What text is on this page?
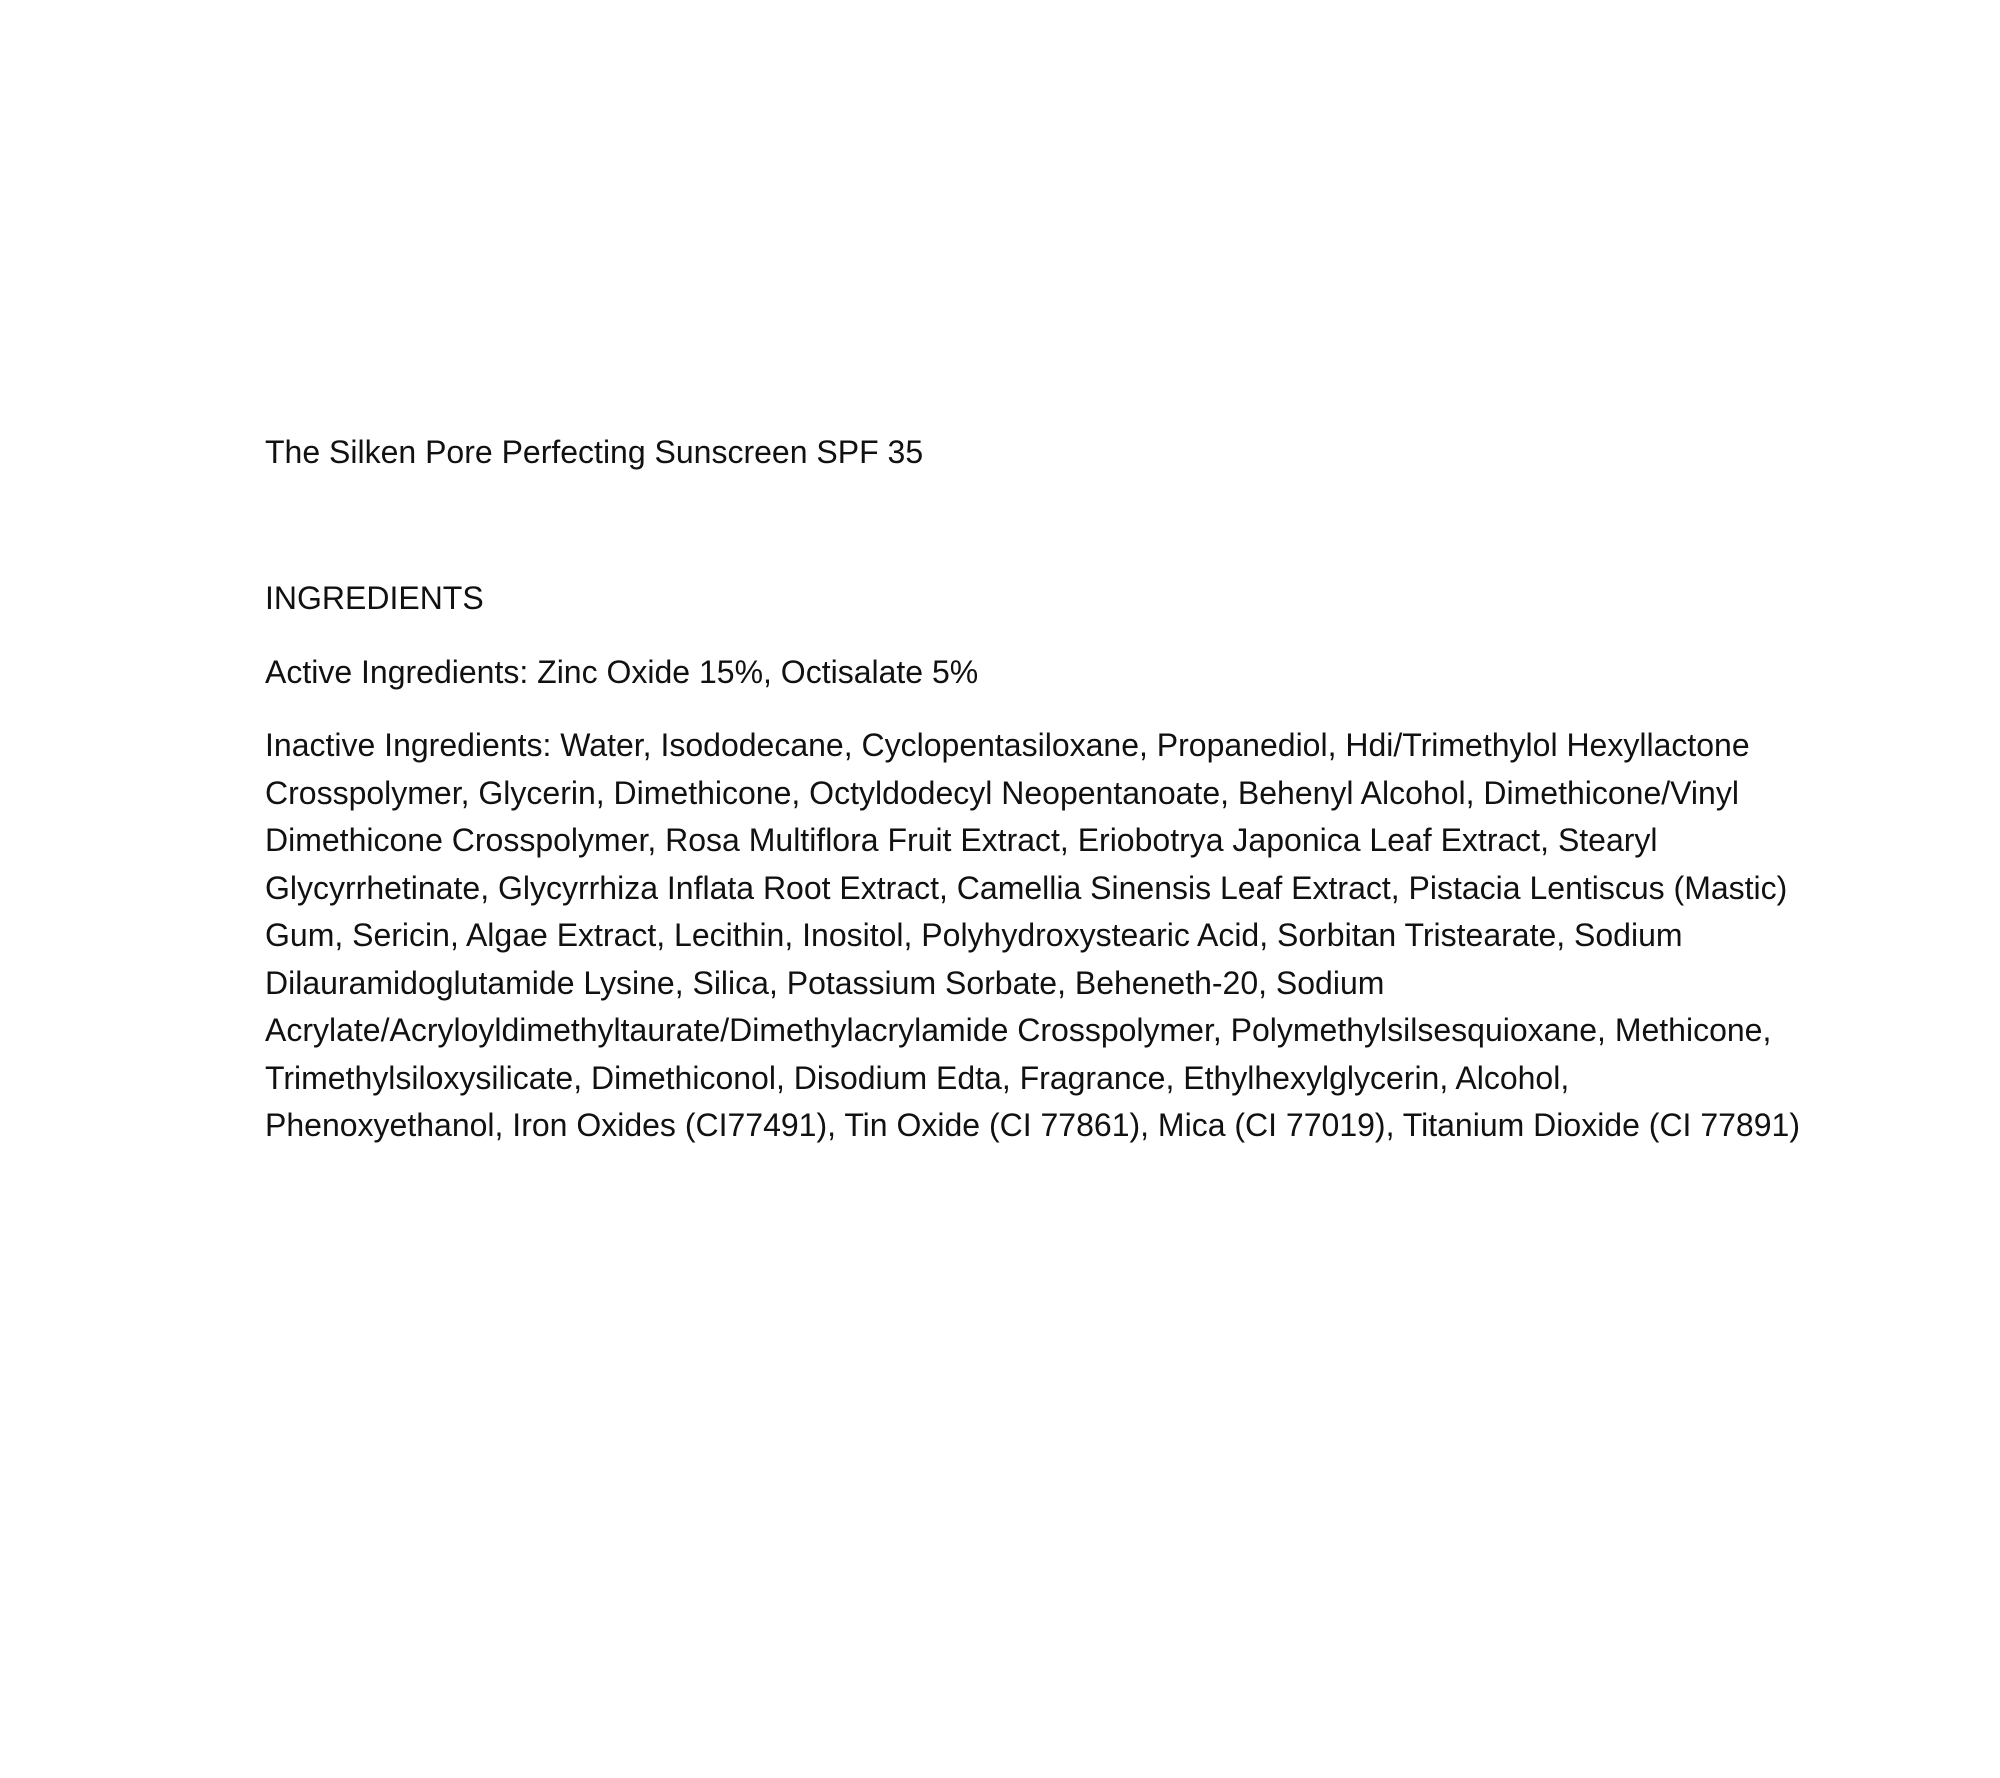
The Silken Pore Perfecting Sunscreen SPF 35

INGREDIENTS

Active Ingredients: Zinc Oxide 15%, Octisalate 5%

Inactive Ingredients: Water, Isododecane, Cyclopentasiloxane, Propanediol, Hdi/Trimethylol Hexyllactone Crosspolymer, Glycerin, Dimethicone, Octyldodecyl Neopentanoate, Behenyl Alcohol, Dimethicone/Vinyl Dimethicone Crosspolymer, Rosa Multiflora Fruit Extract, Eriobotrya Japonica Leaf Extract, Stearyl Glycyrrhetinate, Glycyrrhiza Inflata Root Extract, Camellia Sinensis Leaf Extract, Pistacia Lentiscus (Mastic) Gum, Sericin, Algae Extract, Lecithin, Inositol, Polyhydroxystearic Acid, Sorbitan Tristearate, Sodium Dilauramidoglutamide Lysine, Silica, Potassium Sorbate, Beheneth-20, Sodium Acrylate/Acryloyldimethyltaurate/Dimethylacrylamide Crosspolymer, Polymethylsilsesquioxane, Methicone, Trimethylsiloxysilicate, Dimethiconol, Disodium Edta, Fragrance, Ethylhexylglycerin, Alcohol, Phenoxyethanol, Iron Oxides (CI77491), Tin Oxide (CI 77861), Mica (CI 77019), Titanium Dioxide (CI 77891)
